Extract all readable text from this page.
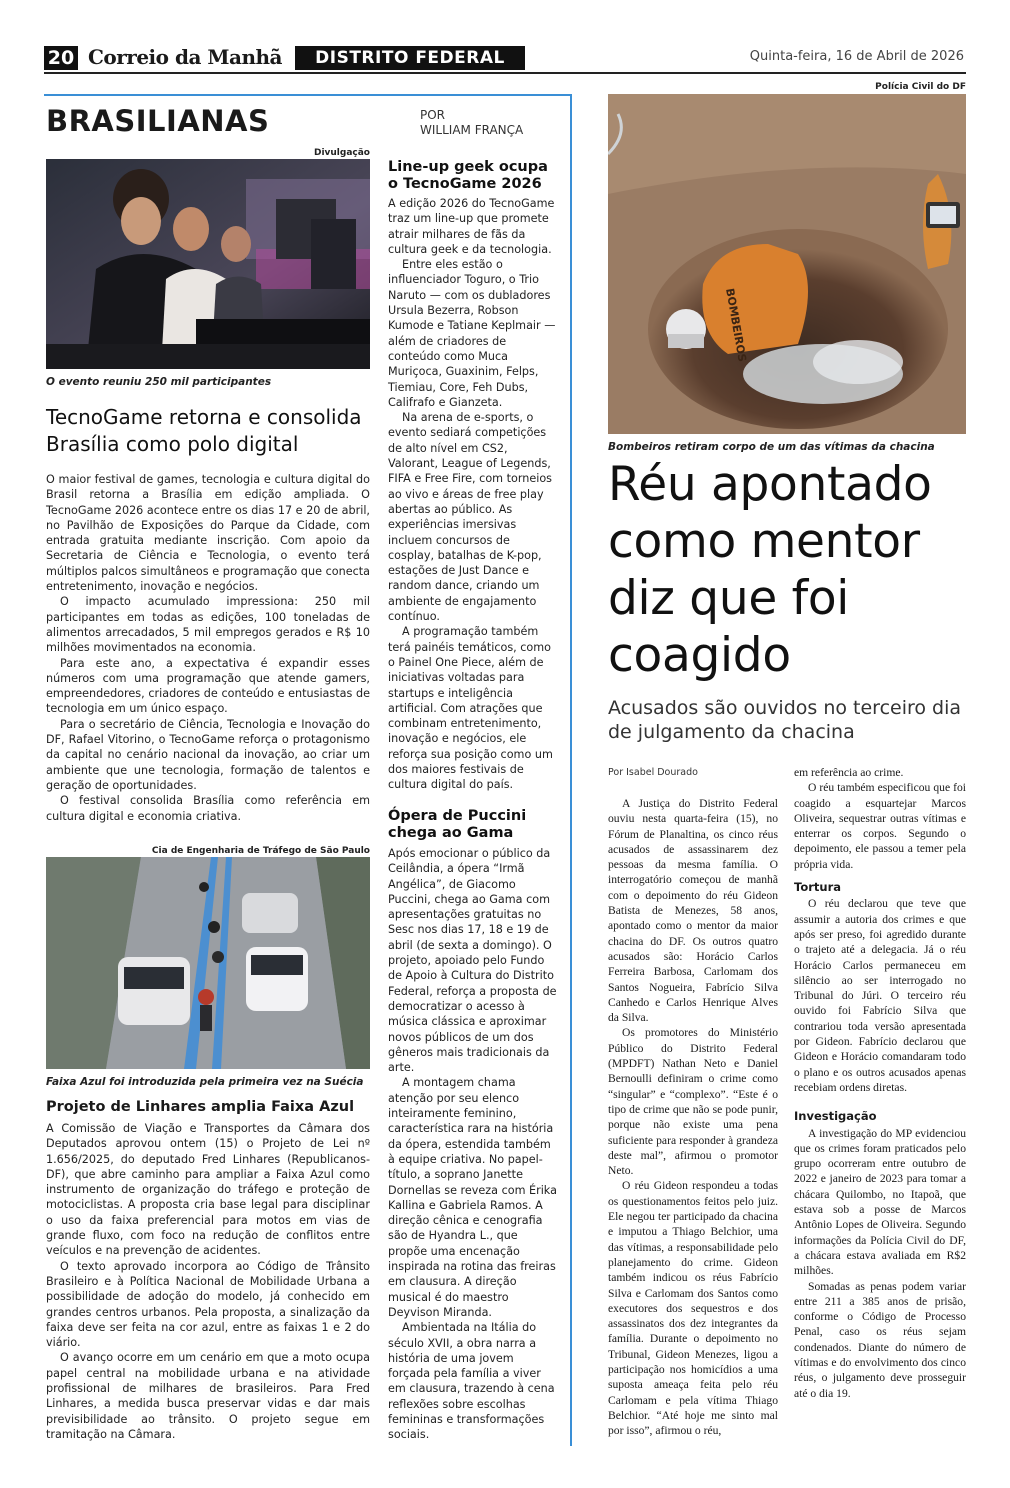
20 Correio da Manhã	DISTRITO FEDERAL	Quinta-feira, 16 de Abril de 2026
BRASILIANAS	POR
WILLIAM FRANÇA
Divulgação
O evento reuniu 250 mil participantes
TecnoGame retorna e consolida Brasília como polo digital

O maior festival de games, tecnologia e cultura digital do Brasil retorna a Brasília em edição ampliada. O TecnoGame 2026 acontece entre os dias 17 e 20 de abril, no Pavilhão de Exposições do Parque da Cidade, com entrada gratuita mediante inscrição. Com apoio da Secretaria de Ciência e Tecnologia, o evento terá múltiplos palcos simultâneos e programação que conecta entretenimento, inovação e negócios.

O impacto acumulado impressiona: 250 mil participantes em todas as edições, 100 toneladas de alimentos arrecadados, 5 mil empregos gerados e R$ 10 milhões movimentados na economia.

Para este ano, a expectativa é expandir esses números com uma programação que atende gamers, empreendedores, criadores de conteúdo e entusiastas de tecnologia em um único espaço.

Para o secretário de Ciência, Tecnologia e Inovação do DF, Rafael Vitorino, o TecnoGame reforça o protagonismo da capital no cenário nacional da inovação, ao criar um ambiente que une tecnologia, formação de talentos e geração de oportunidades.

O festival consolida Brasília como referência em cultura digital e economia criativa.

Cia de Engenharia de Tráfego de São Paulo
Faixa Azul foi introduzida pela primeira vez na Suécia
Projeto de Linhares amplia Faixa Azul

A Comissão de Viação e Transportes da Câmara dos Deputados aprovou ontem (15) o Projeto de Lei nº 1.656/2025, do deputado Fred Linhares (Republicanos-DF), que abre caminho para ampliar a Faixa Azul como instrumento de organização do tráfego e proteção de motociclistas. A proposta cria base legal para disciplinar o uso da faixa preferencial para motos em vias de grande fluxo, com foco na redução de conflitos entre veículos e na prevenção de acidentes.

O texto aprovado incorpora ao Código de Trânsito Brasileiro e à Política Nacional de Mobilidade Urbana a possibilidade de adoção do modelo, já conhecido em grandes centros urbanos. Pela proposta, a sinalização da faixa deve ser feita na cor azul, entre as faixas 1 e 2 do viário.

O avanço ocorre em um cenário em que a moto ocupa papel central na mobilidade urbana e na atividade profissional de milhares de brasileiros. Para Fred Linhares, a medida busca preservar vidas e dar mais previsibilidade ao trânsito. O projeto segue em tramitação na Câmara.

Line-up geek ocupa o TecnoGame 2026

A edição 2026 do TecnoGame traz um line-up que promete atrair milhares de fãs da cultura geek e da tecnologia.

Entre eles estão o influenciador Toguro, o Trio Naruto — com os dubladores Ursula Bezerra, Robson Kumode e Tatiane Keplmair — além de criadores de conteúdo como Muca Muriçoca, Guaxinim, Felps, Tiemiau, Core, Feh Dubs, Califrafo e Gianzeta.

Na arena de e-sports, o evento sediará competições de alto nível em CS2, Valorant, League of Legends, FIFA e Free Fire, com torneios ao vivo e áreas de free play abertas ao público. As experiências imersivas incluem concursos de cosplay, batalhas de K-pop, estações de Just Dance e random dance, criando um ambiente de engajamento contínuo.

A programação também terá painéis temáticos, como o Painel One Piece, além de iniciativas voltadas para startups e inteligência artificial. Com atrações que combinam entretenimento, inovação e negócios, ele reforça sua posição como um dos maiores festivais de cultura digital do país.

Ópera de Puccini chega ao Gama

Após emocionar o público da Ceilândia, a ópera “Irmã Angélica”, de Giacomo Puccini, chega ao Gama com apresentações gratuitas no Sesc nos dias 17, 18 e 19 de abril (de sexta a domingo). O projeto, apoiado pelo Fundo de Apoio à Cultura do Distrito Federal, reforça a proposta de democratizar o acesso à música clássica e aproximar novos públicos de um dos gêneros mais tradicionais da arte.

A montagem chama atenção por seu elenco inteiramente feminino, característica rara na história da ópera, estendida também à equipe criativa. No papel-título, a soprano Janette Dornellas se reveza com Érika Kallina e Gabriela Ramos. A direção cênica e cenografia são de Hyandra L., que propõe uma encenação inspirada na rotina das freiras em clausura. A direção musical é do maestro Deyvison Miranda.

Ambientada na Itália do século XVII, a obra narra a história de uma jovem forçada pela família a viver em clausura, trazendo à cena reflexões sobre escolhas femininas e transformações sociais.

Polícia Civil do DF
BOMBEIROS
Bombeiros retiram corpo de um das vítimas da chacina
Réu apontado como mentor diz que foi coagido
Acusados são ouvidos no terceiro dia de julgamento da chacina
Por Isabel Dourado

A Justiça do Distrito Federal ouviu nesta quarta-feira (15), no Fórum de Planaltina, os cinco réus acusados de assassinarem dez pessoas da mesma família. O interrogatório começou de manhã com o depoimento do réu Gideon Batista de Menezes, 58 anos, apontado como o mentor da maior chacina do DF. Os outros quatro acusados são: Horácio Carlos Ferreira Barbosa, Carlomam dos Santos Nogueira, Fabrício Silva Canhedo e Carlos Henrique Alves da Silva.

Os promotores do Ministério Público do Distrito Federal (MPDFT) Nathan Neto e Daniel Bernoulli definiram o crime como “singular” e “complexo”. “Este é o tipo de crime que não se pode punir, porque não existe uma pena suficiente para responder à grandeza deste mal”, afirmou o promotor Neto.

O réu Gideon respondeu a todas os questionamentos feitos pelo juiz. Ele negou ter participado da chacina e imputou a Thiago Belchior, uma das vítimas, a responsabilidade pelo planejamento do crime. Gideon também indicou os réus Fabrício Silva e Carlomam dos Santos como executores dos sequestros e dos assassinatos dos dez integrantes da família. Durante o depoimento no Tribunal, Gideon Menezes, ligou a participação nos homicídios a uma suposta ameaça feita pelo réu Carlomam e pela vítima Thiago Belchior. “Até hoje me sinto mal por isso”, afirmou o réu,

em referência ao crime.

O réu também especificou que foi coagido a esquartejar Marcos Oliveira, sequestrar outras vítimas e enterrar os corpos. Segundo o depoimento, ele passou a temer pela própria vida.

Tortura

O réu declarou que teve que assumir a autoria dos crimes e que após ser preso, foi agredido durante o trajeto até a delegacia. Já o réu Horácio Carlos permaneceu em silêncio ao ser interrogado no Tribunal do Júri. O terceiro réu ouvido foi Fabrício Silva que contrariou toda versão apresentada por Gideon. Fabrício declarou que Gideon e Horácio comandaram todo o plano e os outros acusados apenas recebiam ordens diretas.

Investigação

A investigação do MP evidenciou que os crimes foram praticados pelo grupo ocorreram entre outubro de 2022 e janeiro de 2023 para tomar a chácara Quilombo, no Itapoã, que estava sob a posse de Marcos Antônio Lopes de Oliveira. Segundo informações da Polícia Civil do DF, a chácara estava avaliada em R$2 milhões.

Somadas as penas podem variar entre 211 a 385 anos de prisão, conforme o Código de Processo Penal, caso os réus sejam condenados. Diante do número de vítimas e do envolvimento dos cinco réus, o julgamento deve prosseguir até o dia 19.
